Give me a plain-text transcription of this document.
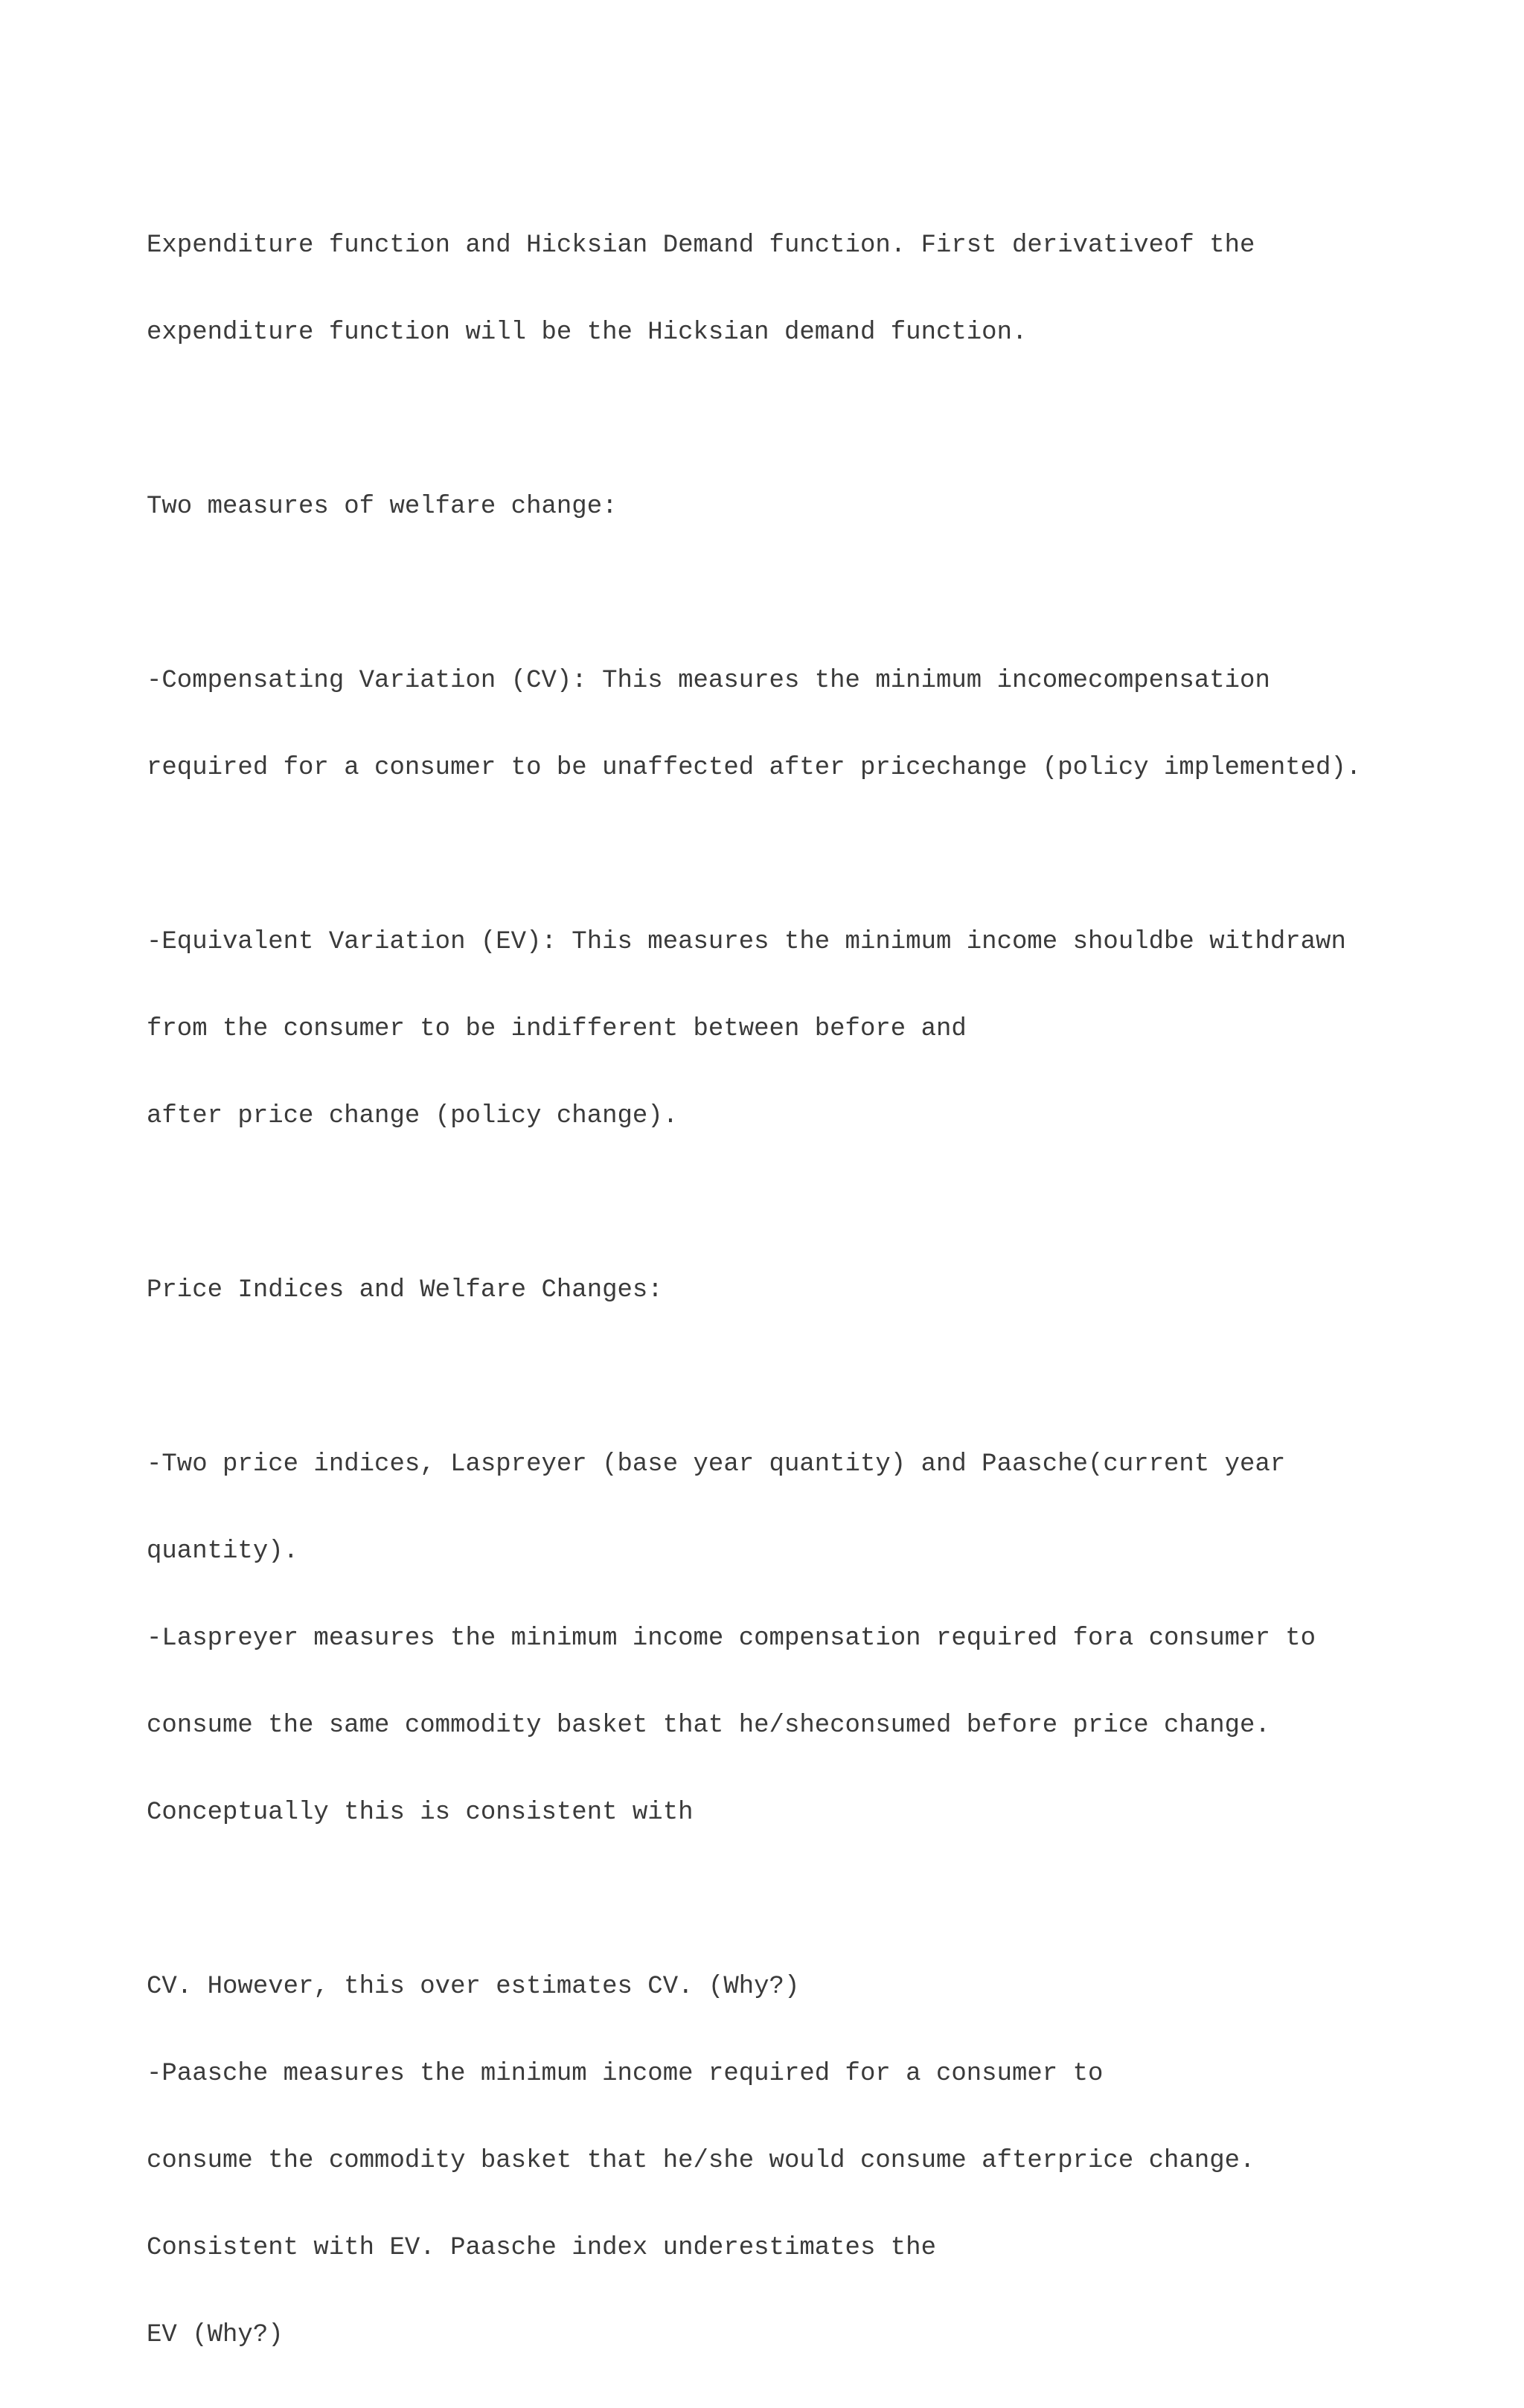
Expenditure function and Hicksian Demand function. First derivativeof the

expenditure function will be the Hicksian demand function.

Two measures of welfare change:

-Compensating Variation (CV): This measures the minimum incomecompensation

required for a consumer to be unaffected after pricechange (policy implemented).

-Equivalent Variation (EV): This measures the minimum income shouldbe withdrawn

from the consumer to be indifferent between before and

after price change (policy change).

Price Indices and Welfare Changes:

-Two price indices, Laspreyer (base year quantity) and Paasche(current year

quantity).

-Laspreyer measures the minimum income compensation required fora consumer to

consume the same commodity basket that he/sheconsumed before price change.

Conceptually this is consistent with

CV. However, this over estimates CV. (Why?)

-Paasche measures the minimum income required for a consumer to

consume the commodity basket that he/she would consume afterprice change.

Consistent with EV. Paasche index underestimates the

EV (Why?)
